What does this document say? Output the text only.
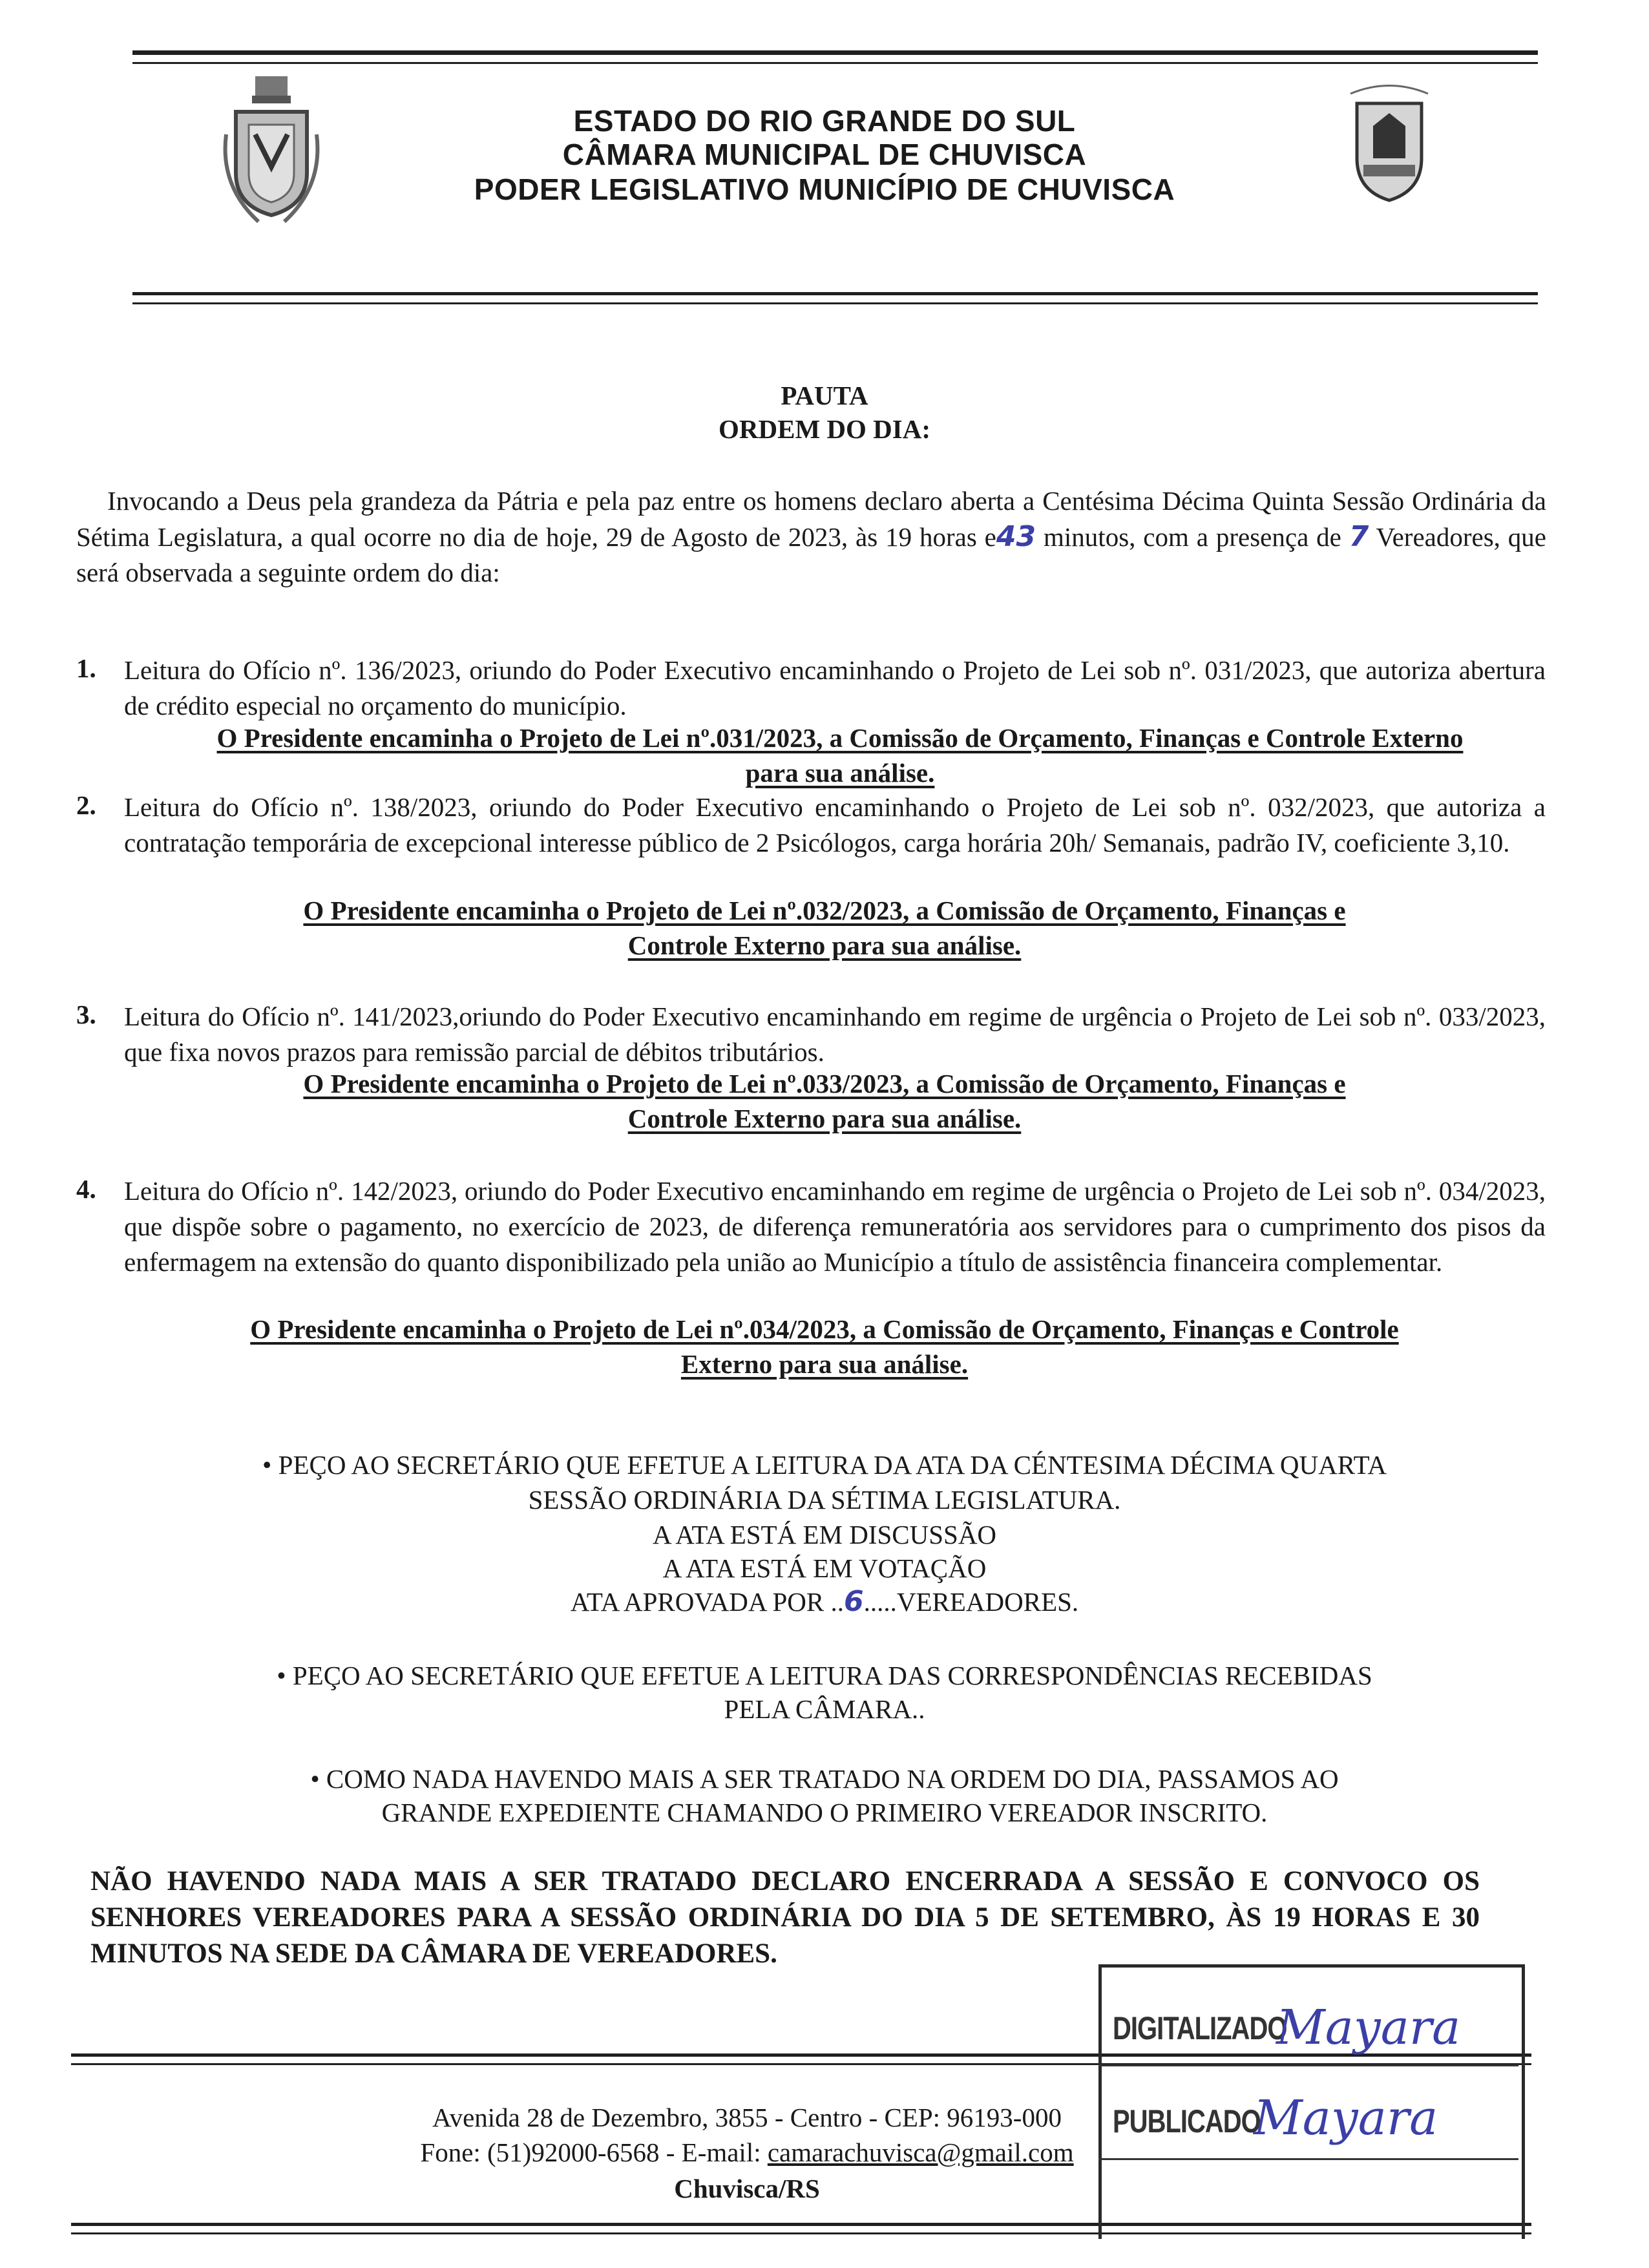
ESTADO DO RIO GRANDE DO SUL
CÂMARA MUNICIPAL DE CHUVISCA
PODER LEGISLATIVO MUNICÍPIO DE CHUVISCA
PAUTA
ORDEM DO DIA:
Invocando a Deus pela grandeza da Pátria e pela paz entre os homens declaro aberta a Centésima Décima Quinta Sessão Ordinária da Sétima Legislatura, a qual ocorre no dia de hoje, 29 de Agosto de 2023, às 19 horas e43 minutos, com a presença de 7 Vereadores, que será observada a seguinte ordem do dia:
1. Leitura do Ofício nº. 136/2023, oriundo do Poder Executivo encaminhando o Projeto de Lei sob nº. 031/2023, que autoriza abertura de crédito especial no orçamento do município.
O Presidente encaminha o Projeto de Lei nº.031/2023, a Comissão de Orçamento, Finanças e Controle Externo
para sua análise.
2. Leitura do Ofício nº. 138/2023, oriundo do Poder Executivo encaminhando o Projeto de Lei sob nº. 032/2023, que autoriza a contratação temporária de excepcional interesse público de 2 Psicólogos, carga horária 20h/ Semanais, padrão IV, coeficiente 3,10.
O Presidente encaminha o Projeto de Lei nº.032/2023, a Comissão de Orçamento, Finanças e
Controle Externo para sua análise.
3. Leitura do Ofício nº. 141/2023,oriundo do Poder Executivo encaminhando em regime de urgência o Projeto de Lei sob nº. 033/2023, que fixa novos prazos para remissão parcial de débitos tributários.
O Presidente encaminha o Projeto de Lei nº.033/2023, a Comissão de Orçamento, Finanças e
Controle Externo para sua análise.
4. Leitura do Ofício nº. 142/2023, oriundo do Poder Executivo encaminhando em regime de urgência o Projeto de Lei sob nº. 034/2023, que dispõe sobre o pagamento, no exercício de 2023, de diferença remuneratória aos servidores para o cumprimento dos pisos da enfermagem na extensão do quanto disponibilizado pela união ao Município a título de assistência financeira complementar.
O Presidente encaminha o Projeto de Lei nº.034/2023, a Comissão de Orçamento, Finanças e Controle
Externo para sua análise.
• PEÇO AO SECRETÁRIO QUE EFETUE A LEITURA DA ATA DA CÉNTESIMA DÉCIMA QUARTA
SESSÃO ORDINÁRIA DA SÉTIMA LEGISLATURA.
A ATA ESTÁ EM DISCUSSÃO
A ATA ESTÁ EM VOTAÇÃO
ATA APROVADA POR ..6.....VEREADORES.
• PEÇO AO SECRETÁRIO QUE EFETUE A LEITURA DAS CORRESPONDÊNCIAS RECEBIDAS
PELA CÂMARA..
• COMO NADA HAVENDO MAIS A SER TRATADO NA ORDEM DO DIA, PASSAMOS AO
GRANDE EXPEDIENTE CHAMANDO O PRIMEIRO VEREADOR INSCRITO.
NÃO HAVENDO NADA MAIS A SER TRATADO DECLARO ENCERRADA A SESSÃO E CONVOCO OS SENHORES VEREADORES PARA A SESSÃO ORDINÁRIA DO DIA 5 DE SETEMBRO, ÀS 19 HORAS E 30 MINUTOS NA SEDE DA CÂMARA DE VEREADORES.
Avenida 28 de Dezembro, 3855 - Centro - CEP: 96193-000
Fone: (51)92000-6568 - E-mail: camarachuvisca@gmail.com
Chuvisca/RS
DIGITALIZADO
PUBLICADO
Mayara
Mayara
